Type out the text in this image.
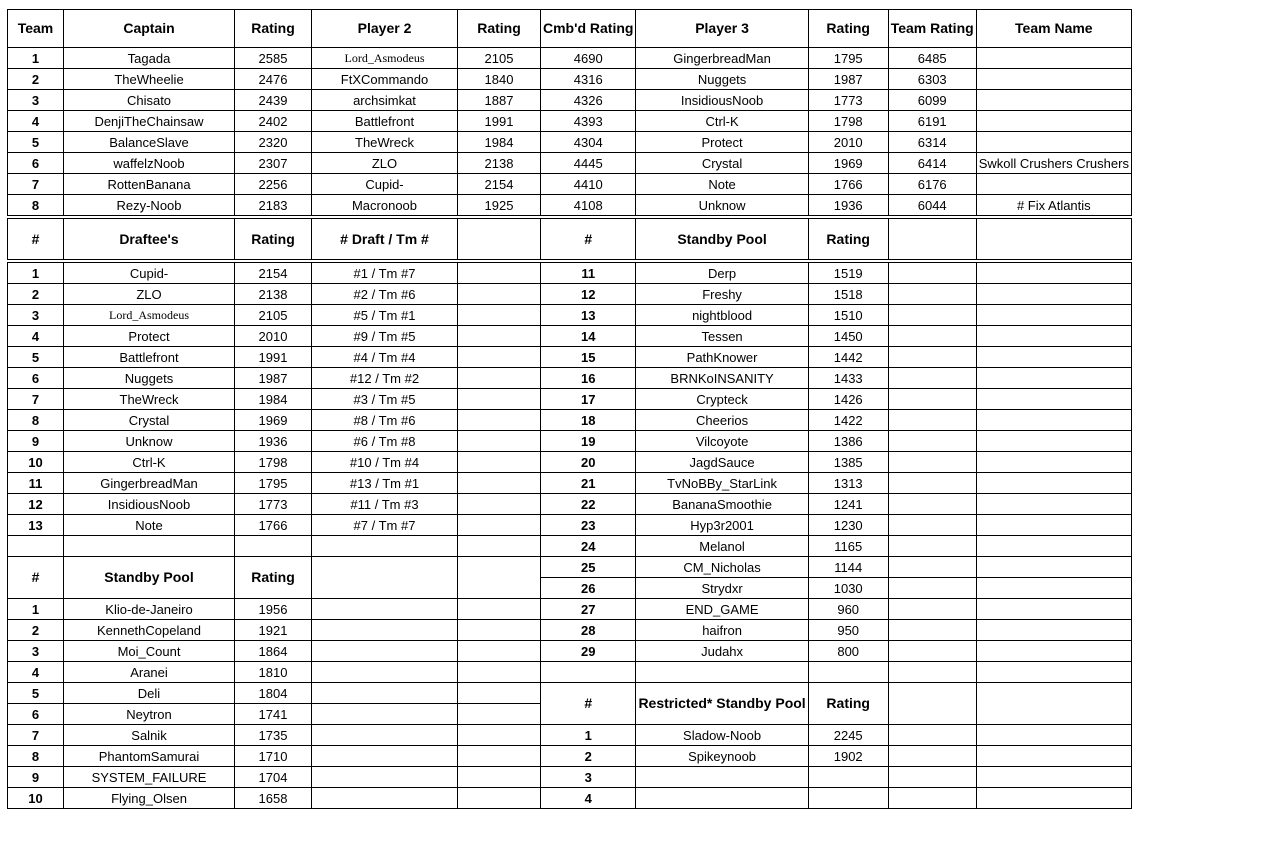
Team	Captain	Rating	Player 2	Rating	Cmb'd Rating	Player 3	Rating	Team Rating	Team Name
1	Tagada	2585	Lord_Asmodeus	2105	4690	GingerbreadMan	1795	6485	
2	TheWheelie	2476	FtXCommando	1840	4316	Nuggets	1987	6303	
3	Chisato	2439	archsimkat	1887	4326	InsidiousNoob	1773	6099	
4	DenjiTheChainsaw	2402	Battlefront	1991	4393	Ctrl-K	1798	6191	
5	BalanceSlave	2320	TheWreck	1984	4304	Protect	2010	6314	
6	waffelzNoob	2307	ZLO	2138	4445	Crystal	1969	6414	Swkoll Crushers Crushers
7	RottenBanana	2256	Cupid-	2154	4410	Note	1766	6176	
8	Rezy-Noob	2183	Macronoob	1925	4108	Unknow	1936	6044	# Fix Atlantis
#	Draftee's	Rating	# Draft / Tm #		#	Standby Pool	Rating		
1	Cupid-	2154	#1 / Tm #7		11	Derp	1519		
2	ZLO	2138	#2 / Tm #6		12	Freshy	1518		
3	Lord_Asmodeus	2105	#5 / Tm #1		13	nightblood	1510		
4	Protect	2010	#9 / Tm #5		14	Tessen	1450		
5	Battlefront	1991	#4 / Tm #4		15	PathKnower	1442		
6	Nuggets	1987	#12 / Tm #2		16	BRNKoINSANITY	1433		
7	TheWreck	1984	#3 / Tm #5		17	Crypteck	1426		
8	Crystal	1969	#8 / Tm #6		18	Cheerios	1422		
9	Unknow	1936	#6 / Tm #8		19	Vilcoyote	1386		
10	Ctrl-K	1798	#10 / Tm #4		20	JagdSauce	1385		
11	GingerbreadMan	1795	#13 / Tm #1		21	TvNoBBy_StarLink	1313		
12	InsidiousNoob	1773	#11 / Tm #3		22	BananaSmoothie	1241		
13	Note	1766	#7 / Tm #7		23	Hyp3r2001	1230		
					24	Melanol	1165		
#	Standby Pool	Rating			25	CM_Nicholas	1144		
					26	Strydxr	1030		
1	Klio-de-Janeiro	1956			27	END_GAME	960		
2	KennethCopeland	1921			28	haifron	950		
3	Moi_Count	1864			29	Judahx	800		
4	Aranei	1810							
5	Deli	1804			#	Restricted* Standby Pool	Rating		
6	Neytron	1741							
7	Salnik	1735			1	Sladow-Noob	2245		
8	PhantomSamurai	1710			2	Spikeynoob	1902		
9	SYSTEM_FAILURE	1704			3				
10	Flying_Olsen	1658			4				
